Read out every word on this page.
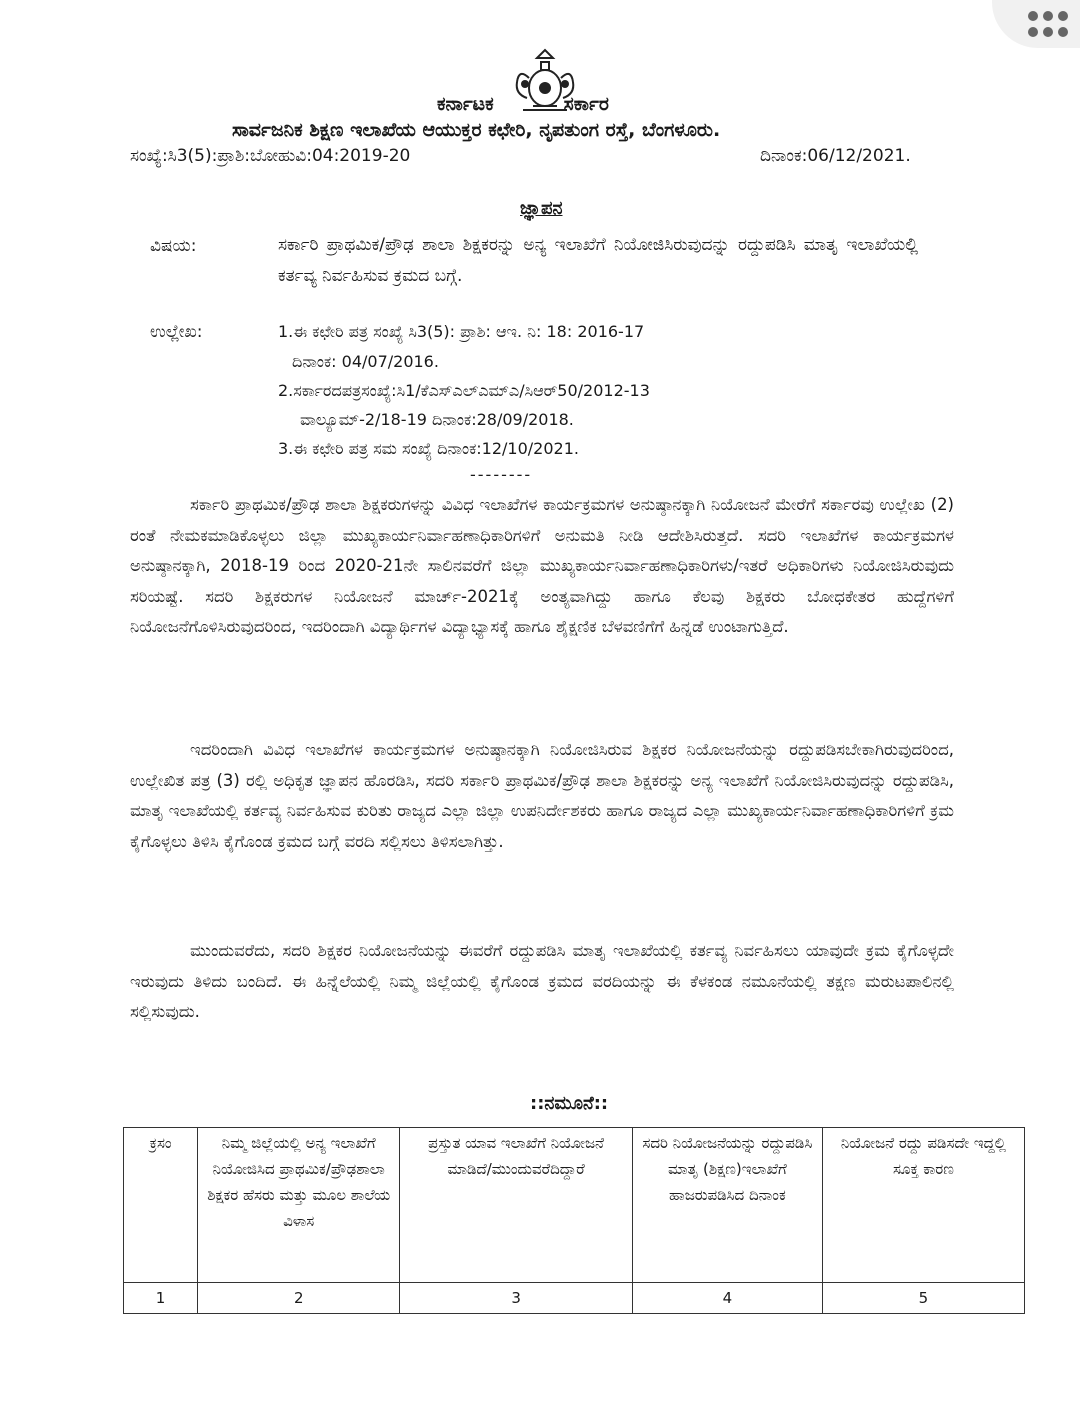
ಕರ್ನಾಟಕ	ಸರ್ಕಾರ
ಸಾರ್ವಜನಿಕ ಶಿಕ್ಷಣ ಇಲಾಖೆಯ ಆಯುಕ್ತರ ಕಛೇರಿ, ನೃಪತುಂಗ ರಸ್ತೆ, ಬೆಂಗಳೂರು.
ಸಂಖ್ಯೆ:ಸಿ3(5):ಪ್ರಾಶಿ:ಬೋಹುವಿ:04:2019-20	ದಿನಾಂಕ:06/12/2021.
ಜ್ಞಾಪನ
ವಿಷಯ:	ಸರ್ಕಾರಿ ಪ್ರಾಥಮಿಕ/ಪ್ರೌಢ ಶಾಲಾ ಶಿಕ್ಷಕರನ್ನು ಅನ್ಯ ಇಲಾಖೆಗೆ ನಿಯೋಜಿಸಿರುವುದನ್ನು ರದ್ದುಪಡಿಸಿ ಮಾತೃ ಇಲಾಖೆಯಲ್ಲಿ ಕರ್ತವ್ಯ ನಿರ್ವಹಿಸುವ ಕ್ರಮದ ಬಗ್ಗೆ.
ಉಲ್ಲೇಖ:	1.ಈ ಕಛೇರಿ ಪತ್ರ ಸಂಖ್ಯೆ ಸಿ3(5): ಪ್ರಾಶಿ: ಆಇ. ನಿ: 18: 2016-17
ದಿನಾಂಕ: 04/07/2016.
2.ಸರ್ಕಾರದಪತ್ರಸಂಖ್ಯೆ:ಸಿ1/ಕೆಎಸ್‌ಎಲ್‌ಎಮ್‌ಎ/ಸಿಆರ್‌50/2012-13
ವಾಲ್ಯೂಮ್-2/18-19 ದಿನಾಂಕ:28/09/2018.
3.ಈ ಕಛೇರಿ ಪತ್ರ ಸಮ ಸಂಖ್ಯೆ ದಿನಾಂಕ:12/10/2021.
--------
ಸರ್ಕಾರಿ ಪ್ರಾಥಮಿಕ/ಪ್ರೌಢ ಶಾಲಾ ಶಿಕ್ಷಕರುಗಳನ್ನು ವಿವಿಧ ಇಲಾಖೆಗಳ ಕಾರ್ಯಕ್ರಮಗಳ ಅನುಷ್ಠಾನಕ್ಕಾಗಿ ನಿಯೋಜನೆ ಮೇರೆಗೆ ಸರ್ಕಾರವು ಉಲ್ಲೇಖ (2) ರಂತೆ ನೇಮಕಮಾಡಿಕೊಳ್ಳಲು ಜಿಲ್ಲಾ ಮುಖ್ಯಕಾರ್ಯನಿರ್ವಾಹಣಾಧಿಕಾರಿಗಳಿಗೆ ಅನುಮತಿ ನೀಡಿ ಆದೇಶಿಸಿರುತ್ತದೆ. ಸದರಿ ಇಲಾಖೆಗಳ ಕಾರ್ಯಕ್ರಮಗಳ ಅನುಷ್ಠಾನಕ್ಕಾಗಿ, 2018-19 ರಿಂದ 2020-21ನೇ ಸಾಲಿನವರೆಗೆ ಜಿಲ್ಲಾ ಮುಖ್ಯಕಾರ್ಯನಿರ್ವಾಹಣಾಧಿಕಾರಿಗಳು/ಇತರೆ ಅಧಿಕಾರಿಗಳು ನಿಯೋಜಿಸಿರುವುದು ಸರಿಯಷ್ಟೆ. ಸದರಿ ಶಿಕ್ಷಕರುಗಳ ನಿಯೋಜನೆ ಮಾರ್ಚ್-2021ಕ್ಕೆ ಅಂತ್ಯವಾಗಿದ್ದು ಹಾಗೂ ಕೆಲವು ಶಿಕ್ಷಕರು ಬೋಧಕೇತರ ಹುದ್ದೆಗಳಿಗೆ ನಿಯೋಜನೆಗೊಳಿಸಿರುವುದರಿಂದ, ಇದರಿಂದಾಗಿ ವಿದ್ಯಾರ್ಥಿಗಳ ವಿದ್ಯಾಭ್ಯಾಸಕ್ಕೆ ಹಾಗೂ ಶೈಕ್ಷಣಿಕ ಬೆಳವಣಿಗೆಗೆ ಹಿನ್ನಡೆ ಉಂಟಾಗುತ್ತಿದೆ.
ಇದರಿಂದಾಗಿ ವಿವಿಧ ಇಲಾಖೆಗಳ ಕಾರ್ಯಕ್ರಮಗಳ ಅನುಷ್ಠಾನಕ್ಕಾಗಿ ನಿಯೋಜಿಸಿರುವ ಶಿಕ್ಷಕರ ನಿಯೋಜನೆಯನ್ನು ರದ್ದುಪಡಿಸಬೇಕಾಗಿರುವುದರಿಂದ, ಉಲ್ಲೇಖಿತ ಪತ್ರ (3) ರಲ್ಲಿ ಅಧಿಕೃತ ಜ್ಞಾಪನ ಹೊರಡಿಸಿ, ಸದರಿ ಸರ್ಕಾರಿ ಪ್ರಾಥಮಿಕ/ಪ್ರೌಢ ಶಾಲಾ ಶಿಕ್ಷಕರನ್ನು ಅನ್ಯ ಇಲಾಖೆಗೆ ನಿಯೋಜಿಸಿರುವುದನ್ನು ರದ್ದುಪಡಿಸಿ, ಮಾತೃ ಇಲಾಖೆಯಲ್ಲಿ ಕರ್ತವ್ಯ ನಿರ್ವಹಿಸುವ ಕುರಿತು ರಾಜ್ಯದ ಎಲ್ಲಾ ಜಿಲ್ಲಾ ಉಪನಿರ್ದೇಶಕರು ಹಾಗೂ ರಾಜ್ಯದ ಎಲ್ಲಾ ಮುಖ್ಯಕಾರ್ಯನಿರ್ವಾಹಣಾಧಿಕಾರಿಗಳಿಗೆ ಕ್ರಮ ಕೈಗೊಳ್ಳಲು ತಿಳಿಸಿ ಕೈಗೊಂಡ ಕ್ರಮದ ಬಗ್ಗೆ ವರದಿ ಸಲ್ಲಿಸಲು ತಿಳಿಸಲಾಗಿತ್ತು.
ಮುಂದುವರೆದು, ಸದರಿ ಶಿಕ್ಷಕರ ನಿಯೋಜನೆಯನ್ನು ಈವರೆಗೆ ರದ್ದುಪಡಿಸಿ ಮಾತೃ ಇಲಾಖೆಯಲ್ಲಿ ಕರ್ತವ್ಯ ನಿರ್ವಹಿಸಲು ಯಾವುದೇ ಕ್ರಮ ಕೈಗೊಳ್ಳದೇ ಇರುವುದು ತಿಳಿದು ಬಂದಿದೆ. ಈ ಹಿನ್ನೆಲೆಯಲ್ಲಿ ನಿಮ್ಮ ಜಿಲ್ಲೆಯಲ್ಲಿ ಕೈಗೊಂಡ ಕ್ರಮದ ವರದಿಯನ್ನು ಈ ಕೆಳಕಂಡ ನಮೂನೆಯಲ್ಲಿ ತಕ್ಷಣ ಮರುಟಪಾಲಿನಲ್ಲಿ ಸಲ್ಲಿಸುವುದು.
::ನಮೂನೆ::
ಕ್ರಸಂ	ನಿಮ್ಮ ಜಿಲ್ಲೆಯಲ್ಲಿ ಅನ್ಯ ಇಲಾಖೆಗೆ ನಿಯೋಜಿಸಿದ ಪ್ರಾಥಮಿಕ/ಪ್ರೌಢಶಾಲಾ ಶಿಕ್ಷಕರ ಹೆಸರು ಮತ್ತು ಮೂಲ ಶಾಲೆಯ ವಿಳಾಸ	ಪ್ರಸ್ತುತ ಯಾವ ಇಲಾಖೆಗೆ ನಿಯೋಜನೆ ಮಾಡಿದೆ/ಮುಂದುವರೆದಿದ್ದಾರೆ	ಸದರಿ ನಿಯೋಜನೆಯನ್ನು ರದ್ದುಪಡಿಸಿ ಮಾತೃ (ಶಿಕ್ಷಣ)ಇಲಾಖೆಗೆ ಹಾಜರುಪಡಿಸಿದ ದಿನಾಂಕ	ನಿಯೋಜನೆ ರದ್ದು ಪಡಿಸದೇ ಇದ್ದಲ್ಲಿ ಸೂಕ್ತ ಕಾರಣ
1	2	3	4	5
